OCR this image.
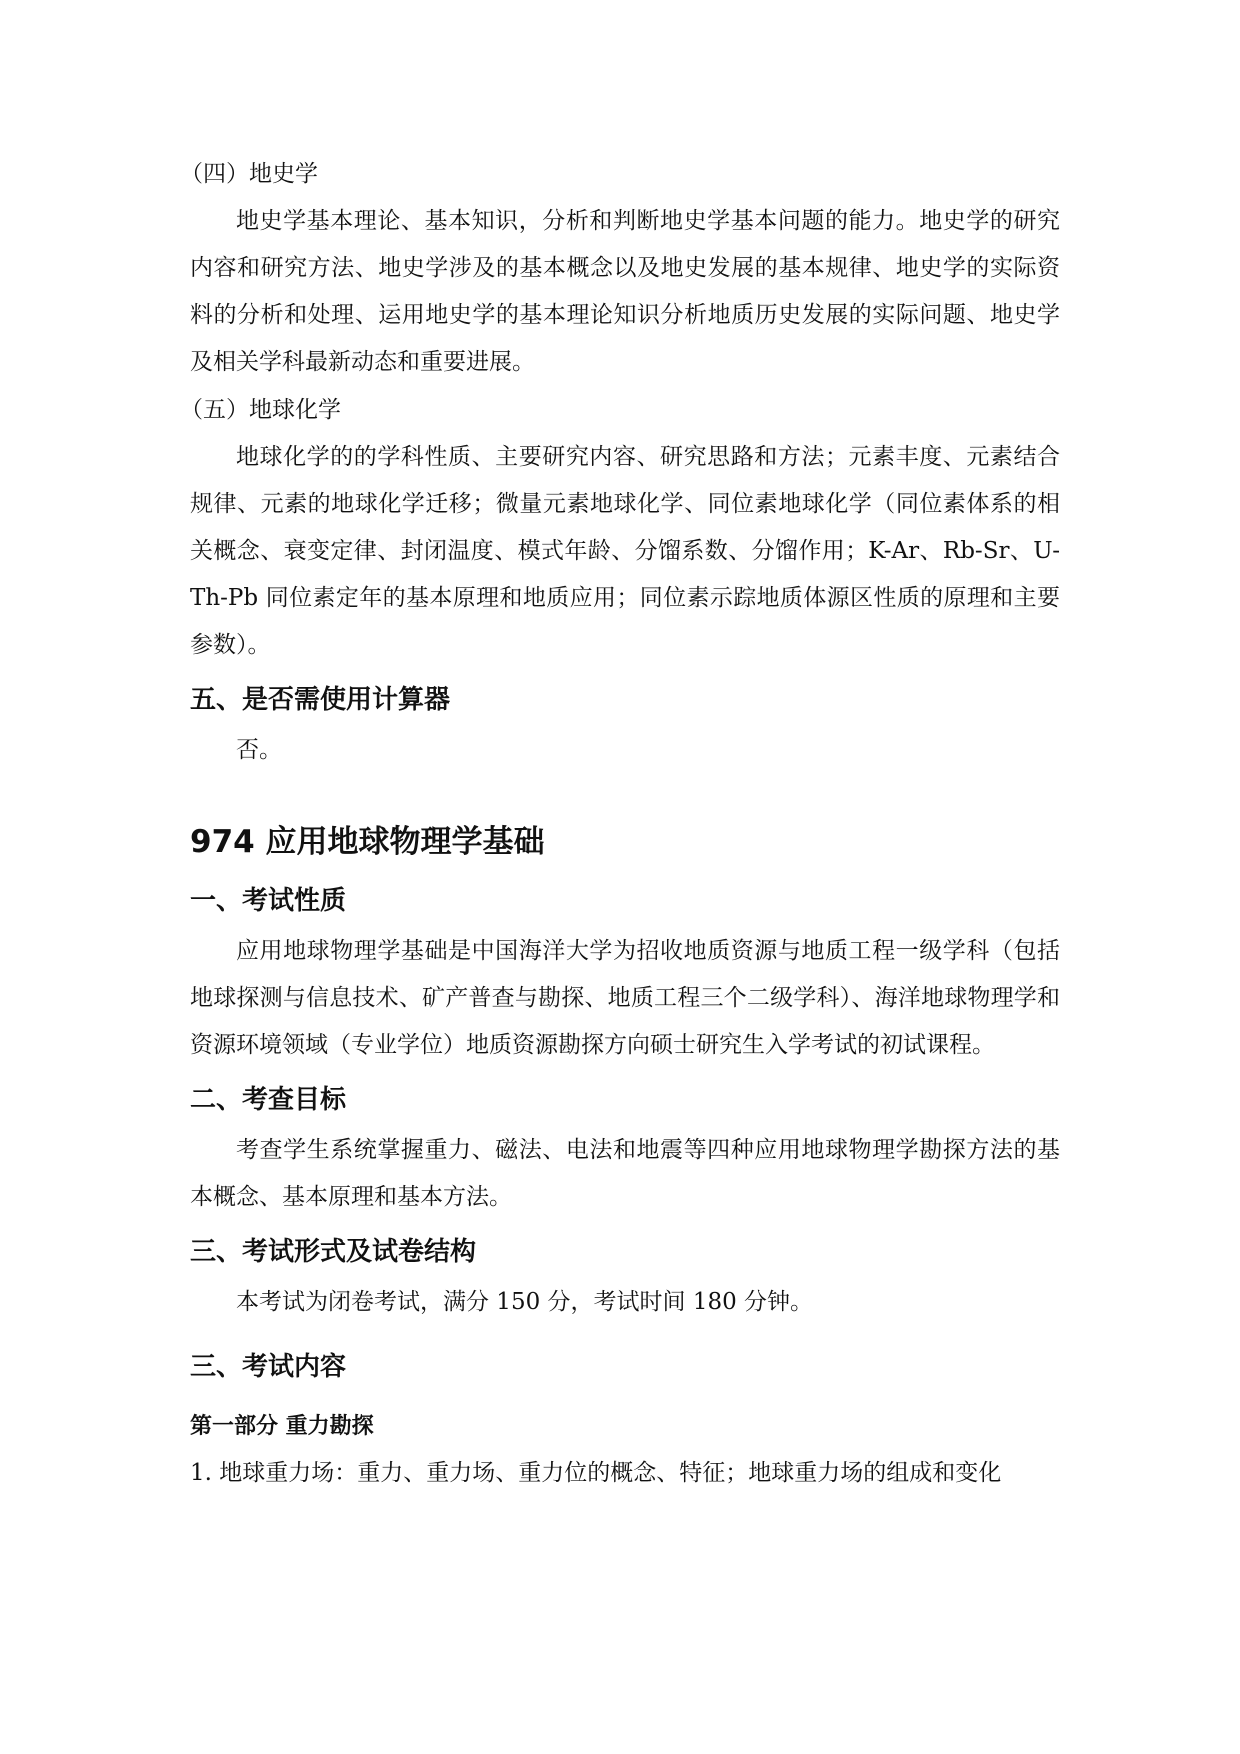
（四）地史学

地史学基本理论、基本知识，分析和判断地史学基本问题的能力。地史学的研究内容和研究方法、地史学涉及的基本概念以及地史发展的基本规律、地史学的实际资料的分析和处理、运用地史学的基本理论知识分析地质历史发展的实际问题、地史学及相关学科最新动态和重要进展。

（五）地球化学

地球化学的的学科性质、主要研究内容、研究思路和方法；元素丰度、元素结合规律、元素的地球化学迁移；微量元素地球化学、同位素地球化学（同位素体系的相关概念、衰变定律、封闭温度、模式年龄、分馏系数、分馏作用；K-Ar、Rb-Sr、U-Th-Pb 同位素定年的基本原理和地质应用；同位素示踪地质体源区性质的原理和主要参数）。

五、是否需使用计算器

否。

974 应用地球物理学基础
一、考试性质

应用地球物理学基础是中国海洋大学为招收地质资源与地质工程一级学科（包括地球探测与信息技术、矿产普查与勘探、地质工程三个二级学科）、海洋地球物理学和资源环境领域（专业学位）地质资源勘探方向硕士研究生入学考试的初试课程。

二、考查目标

考查学生系统掌握重力、磁法、电法和地震等四种应用地球物理学勘探方法的基本概念、基本原理和基本方法。

三、考试形式及试卷结构

本考试为闭卷考试，满分 150 分，考试时间 180 分钟。

三、考试内容
第一部分 重力勘探

1. 地球重力场：重力、重力场、重力位的概念、特征；地球重力场的组成和变化
